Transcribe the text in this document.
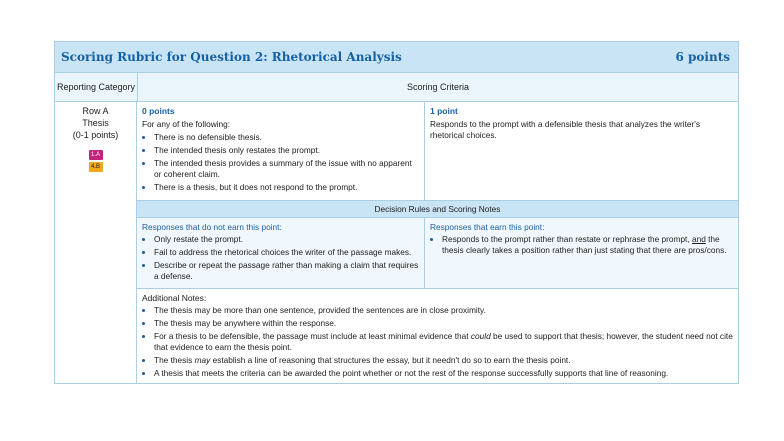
Scoring Rubric for Question 2: Rhetorical Analysis	6 points
Reporting Category	Scoring Criteria
Row A
Thesis
(0-1 points)
1.A
4.B
0 points
For any of the following:
• There is no defensible thesis.
• The intended thesis only restates the prompt.
• The intended thesis provides a summary of the issue with no apparent or coherent claim.
• There is a thesis, but it does not respond to the prompt.
1 point
Responds to the prompt with a defensible thesis that analyzes the writer's rhetorical choices.
Decision Rules and Scoring Notes
Responses that do not earn this point:
• Only restate the prompt.
• Fail to address the rhetorical choices the writer of the passage makes.
• Describe or repeat the passage rather than making a claim that requires a defense.
Responses that earn this point:
• Responds to the prompt rather than restate or rephrase the prompt, and the thesis clearly takes a position rather than just stating that there are pros/cons.
Additional Notes:
• The thesis may be more than one sentence, provided the sentences are in close proximity.
• The thesis may be anywhere within the response.
• For a thesis to be defensible, the passage must include at least minimal evidence that could be used to support that thesis; however, the student need not cite that evidence to earn the thesis point.
• The thesis may establish a line of reasoning that structures the essay, but it needn't do so to earn the thesis point.
• A thesis that meets the criteria can be awarded the point whether or not the rest of the response successfully supports that line of reasoning.
